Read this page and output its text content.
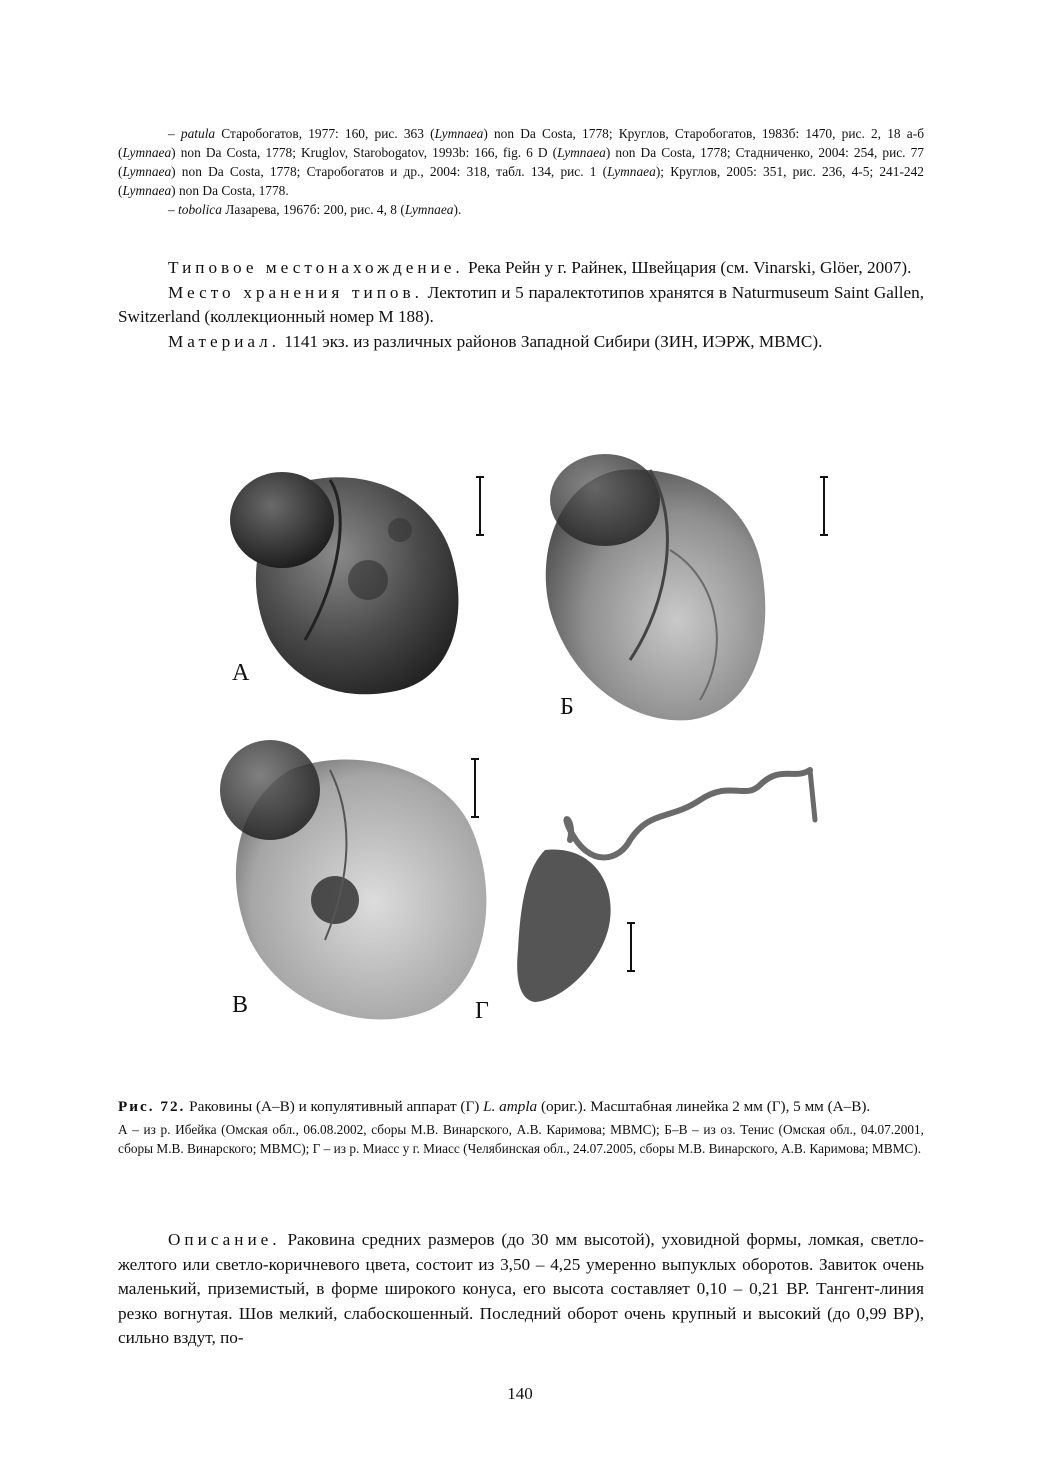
– patula Старобогатов, 1977: 160, рис. 363 (Lymnaea) non Da Costa, 1778; Круглов, Старобогатов, 1983б: 1470, рис. 2, 18 а-б (Lymnaea) non Da Costa, 1778; Kruglov, Starobogatov, 1993b: 166, fig. 6 D (Lymnaea) non Da Costa, 1778; Стадниченко, 2004: 254, рис. 77 (Lymnaea) non Da Costa, 1778; Старобогатов и др., 2004: 318, табл. 134, рис. 1 (Lymnaea); Круглов, 2005: 351, рис. 236, 4-5; 241-242 (Lymnaea) non Da Costa, 1778.

– tobolica Лазарева, 1967б: 200, рис. 4, 8 (Lymnaea).

Типовое местонахождение. Река Рейн у г. Райнек, Швейцария (см. Vinarski, Glöer, 2007).

Место хранения типов. Лектотип и 5 паралектотипов хранятся в Naturmuseum Saint Gallen, Switzerland (коллекционный номер М 188).

Материал. 1141 экз. из различных районов Западной Сибири (ЗИН, ИЭРЖ, МВМС).

А
Б
В	Г

Рис. 72. Раковины (А–В) и копулятивный аппарат (Г) L. ampla (ориг.). Масштабная линейка 2 мм (Г), 5 мм (А–В).

А – из р. Ибейка (Омская обл., 06.08.2002, сборы М.В. Винарского, А.В. Каримова; МВМС); Б–В – из оз. Тенис (Омская обл., 04.07.2001, сборы М.В. Винарского; МВМС); Г – из р. Миасс у г. Миасс (Челябинская обл., 24.07.2005, сборы М.В. Винарского, А.В. Каримова; МВМС).

Описание. Раковина средних размеров (до 30 мм высотой), уховидной формы, ломкая, светло-желтого или светло-коричневого цвета, состоит из 3,50 – 4,25 умеренно выпуклых оборотов. Завиток очень маленький, приземистый, в форме широкого конуса, его высота составляет 0,10 – 0,21 ВР. Тангент-линия резко вогнутая. Шов мелкий, слабоскошенный. Последний оборот очень крупный и высокий (до 0,99 ВР), сильно вздут, по-

140
